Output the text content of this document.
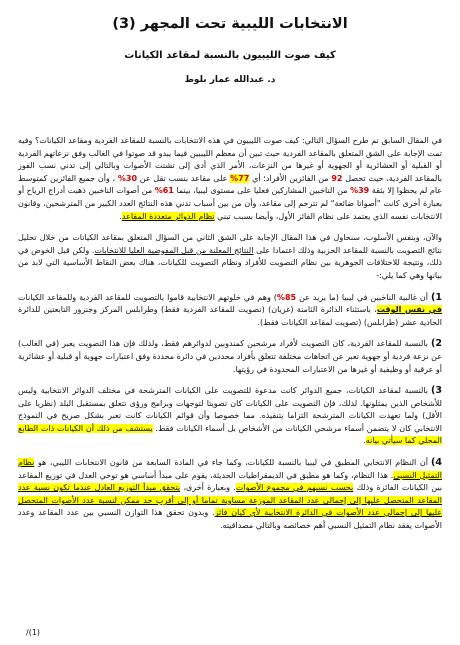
الانتخابات الليبية تحت المجهر (3)
كيف صوت الليبيون بالنسبة لمقاعد الكيانات
د. عبدالله عمار بلوط

في المقال السابق تم طرح السؤال التالي: كيف صوت الليبيون في هذه الانتخابات بالنسبة للمقاعد الفردية ومقاعد الكيانات؟ وفيه تمت الإجابة على الشق المتعلق بالمقاعد الفردية حيث تبين أن معظم الليبيين فيما يبدو قد صوتوا في الغالب وفق نزعاتهم الفردية أو القبلية أو العشائرية أو الجهوية أو غيرها من النزعات، الأمر الذي أدى إلى تشتت الأصوات وبالتالي إلى تدني نسب الفوز بالمقاعد الفردية، حيث تحصل 92 من الفائزين الأفراد؛ أي 77% على مقاعد بنسب تقل عن 30% ، وأن جميع الفائزين كمتوسط عام لم يحظوا إلا بثقة 39% من الناخبين المشاركين فعليا على مستوى ليبيا، بينما 61% من أصوات الناخبين ذهبت أدراج الرياح أو بعبارة أخرى كانت "أصواتا ضائعة" لم تترجم إلى مقاعد، وأن من بين أسباب تدني هذه النتائج العدد الكبير من المترشحين، وقانون الانتخابات نفسه الذي يعتمد على نظام الفائز الأول، وأيضا بسبب تبني نظام الدوائر متعددة المقاعد.

والآن، وبنفس الأسلوب، سنحاول في هذا المقال الإجابة على الشق الثاني من السؤال المتعلق بمقاعد الكيانات من خلال تحليل نتائج التصويت بالنسبة للمقاعد الحزبية وذلك اعتمادا على النتائج المعلنة من قبل المفوضية العليا للانتخابات. ولكن قبل الخوض في ذلك، ونتيجة للاختلافات الجوهرية بين نظام التصويت للأفراد ونظام التصويت للكيانات، هناك بعض النقاط الأساسية التي لابد من بيانها وهي كما يلي:-

1)أن غالبية الناخبين في ليبيا (ما يزيد عن 85%) وهم في خلوتهم الانتخابية قاموا بالتصويت للمقاعد الفردية وللمقاعد الكيانات في نفس الوقت، باستثناء الدائرة الثامنة (غريان) (تصويت للمقاعد الفردية فقط) وطرابلس المركز وجنزور التابعتين للدائرة الحادية عشر (طرابلس) (تصويت لمقاعد الكيانات فقط).

2)بالنسبة للمقاعد الفردية، كان التصويت لأفراد مرشحين كمندوبين لدوائرهم فقط، ولذلك فإن هذا التصويت يعبر (في الغالب) عن نزعة فردية أو جهوية تعبر عن اتجاهات مختلفة تتعلق بأفراد محددين في دائرة محددة وفق اعتبارات جهوية أو قبلية أو عشائرية أو عرقية أو وظيفية أو غيرها من الاعتبارات المحدودة في رؤيتها.

3)بالنسبة لمقاعد الكيانات، جميع الدوائر كانت مدعوة للتصويت على الكيانات المترشحة في مختلف الدوائر الانتخابية وليس للأشخاص الذين يمثلونها. لذلك، فإن التصويت على الكيانات كان تصويتا لتوجهات وبرامج ورؤى تتعلق بمستقبل البلد (نظريا على الأقل) ولما تعهدت الكيانات المترشحة التزاما بتنفيذه. مما خصوصا وأن قوائم الكيانات كانت تعبر بشكل صريح في النموذج الانتخابي كان لا يتضمن أسماء مرشحي الكيانات من الأشخاص بل أسماء الكيانات فقط. يستشف من ذلك أن الكيانات ذات الطابع المحلي كما سيأتي بيانه.

4)أن النظام الانتخابي المطبق في ليبيا بالنسبة للكيانات، وكما جاء في المادة السابعة من قانون الانتخابات الليبي، هو نظام التمثيل النسبي. هذا النظام، وكما هو مطبق في الديمقراطيات الحديثة، يقوم على مبدأ أساسي هو توخي العدل في توزيع المقاعد بين الكيانات الفائزة وذلك بحسب نسبهم في مجموع الأصوات. وبعبارة أخرى، يتحقق مبدأ التوزيع العادل عندما تكون نسبة عدد المقاعد المتحصل عليها إلى إجمالي عدد المقاعد الموزعة مساوية تماما أو إلى أقرب حد ممكن لنسبة عدد الأصوات المتحصل عليها إلى إجمالي عدد الأصوات في الدائرة الانتخابية لأي كيان فائز. وبدون تحقق هذا التوازن النسبي بين عدد المقاعد وعدد الأصوات يفقد نظام التمثيل النسبي أهم خصائصه وبالتالي مصداقيته.

/(1)
